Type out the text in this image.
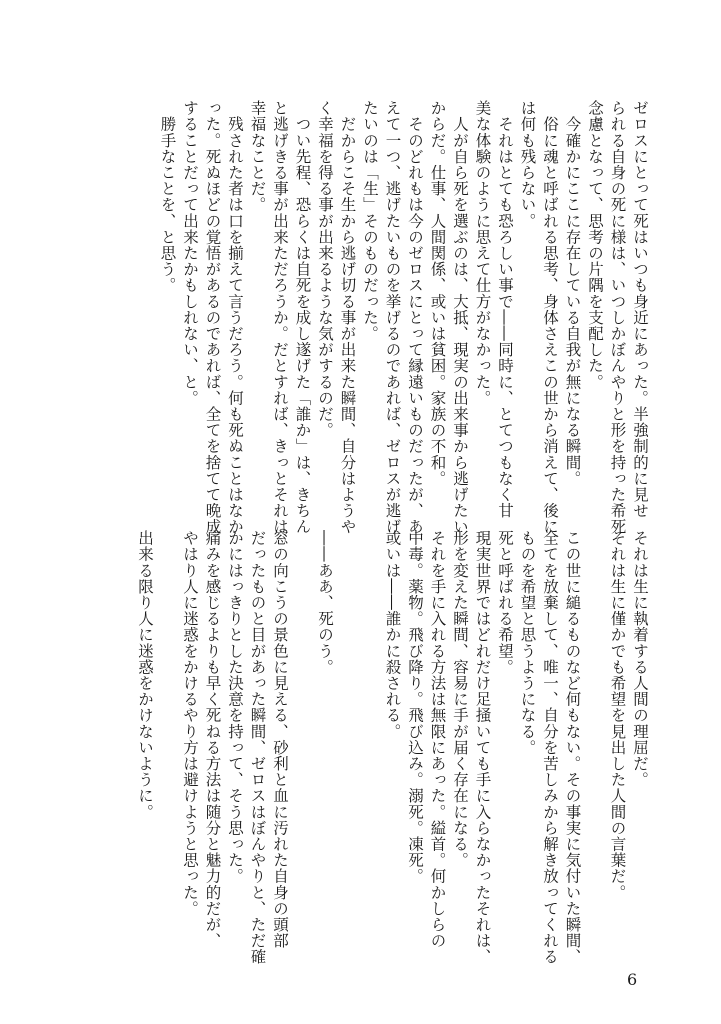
ゼロスにとって死はいつも身近にあった。半強制的に見せ
られる自身の死に様は、いつしかぼんやりと形を持った希死
念慮となって、思考の片隅を支配した。
　今確かにここに存在している自我が無になる瞬間。
　俗に魂と呼ばれる思考、身体さえこの世から消えて、後に
は何も残らない。
　それはとても恐ろしい事で――同時に、とてつもなく甘
美な体験のように思えて仕方がなかった。
　人が自ら死を選ぶのは、大抵、現実の出来事から逃げたい
からだ。仕事、人間関係、或いは貧困。家族の不和。
　そのどれもは今のゼロスにとって縁遠いものだったが、あ
えて一つ、逃げたいものを挙げるのであれば、ゼロスが逃げ
たいのは「生」そのものだった。
　だからこそ生から逃げ切る事が出来た瞬間、自分はようや
く幸福を得る事が出来るような気がするのだ。
　つい先程、恐らくは自死を成し遂げた「誰か」は、きちん
と逃げきる事が出来ただろうか。だとすれば、きっとそれは
幸福なことだ。
　残された者は口を揃えて言うだろう。何も死ぬことはなか
った。死ぬほどの覚悟があるのであれば、全てを捨てて晩成
することだって出来たかもしれない、と。
　勝手なことを、と思う。
それは生に執着する人間の理屈だ。
それは生に僅かでも希望を見出した人間の言葉だ。

この世に縋るものなど何もない。その事実に気付いた瞬間、
全てを放棄して、唯一、自分を苦しみから解き放ってくれる
ものを希望と思うようになる。
死と呼ばれる希望。
現実世界ではどれだけ足掻いても手に入らなかったそれは、
形を変えた瞬間、容易に手が届く存在になる。
それを手に入れる方法は無限にあった。縊首。何かしらの
中毒。薬物。飛び降り。飛び込み。溺死。凍死。
或いは――誰かに殺される。

――ああ、死のう。

窓の向こうの景色に見える、砂利と血に汚れた自身の頭部
だったものと目があった瞬間、ゼロスはぼんやりと、ただ確
かにはっきりとした決意を持って、そう思った。
痛みを感じるよりも早く死ねる方法は随分と魅力的だが、
やはり人に迷惑をかけるやり方は避けようと思った。

出来る限り人に迷惑をかけないように。
6
